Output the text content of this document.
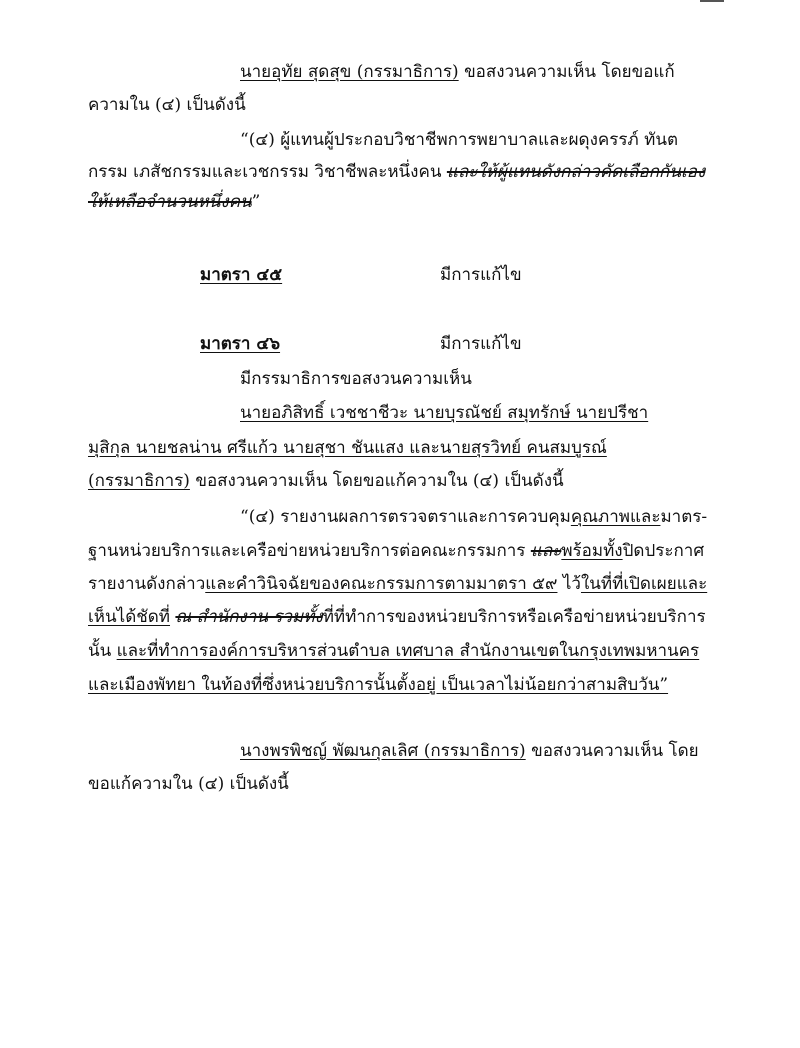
นายอุทัย สุดสุข (กรรมาธิการ) ขอสงวนความเห็น โดยขอแก้
ความใน (๔) เป็นดังนี้
“(๔) ผู้แทนผู้ประกอบวิชาชีพการพยาบาลและผดุงครรภ์ ทันต
กรรม เภสัชกรรมและเวชกรรม วิชาชีพละหนึ่งคน และให้ผู้แทนดังกล่าวคัดเลือกกันเอง
ให้เหลือจำนวนหนึ่งคน”
มาตรา ๔๕	มีการแก้ไข
มาตรา ๔๖	มีการแก้ไข
มีกรรมาธิการขอสงวนความเห็น
นายอภิสิทธิ์ เวชชาชีวะ นายบุรณัชย์ สมุทรักษ์ นายปรีชา
มุสิกุล นายชลน่าน ศรีแก้ว นายสุชา ชันแสง และนายสุรวิทย์ คนสมบูรณ์
(กรรมาธิการ) ขอสงวนความเห็น โดยขอแก้ความใน (๔) เป็นดังนี้
“(๔) รายงานผลการตรวจตราและการควบคุมคุณภาพและมาตร-
ฐานหน่วยบริการและเครือข่ายหน่วยบริการต่อคณะกรรมการ และพร้อมทั้งปิดประกาศ
รายงานดังกล่าวและคำวินิจฉัยของคณะกรรมการตามมาตรา ๕๙ ไว้ในที่ที่เปิดเผยและ
เห็นได้ชัดที่ ณ สำนักงาน รวมทั้งที่ที่ทำการของหน่วยบริการหรือเครือข่ายหน่วยบริการ
นั้น และที่ทำการองค์การบริหารส่วนตำบล เทศบาล สำนักงานเขตในกรุงเทพมหานคร
และเมืองพัทยา ในท้องที่ซึ่งหน่วยบริการนั้นตั้งอยู่ เป็นเวลาไม่น้อยกว่าสามสิบวัน”
นางพรพิชญ์ พัฒนกุลเลิศ (กรรมาธิการ) ขอสงวนความเห็น โดย
ขอแก้ความใน (๔) เป็นดังนี้
